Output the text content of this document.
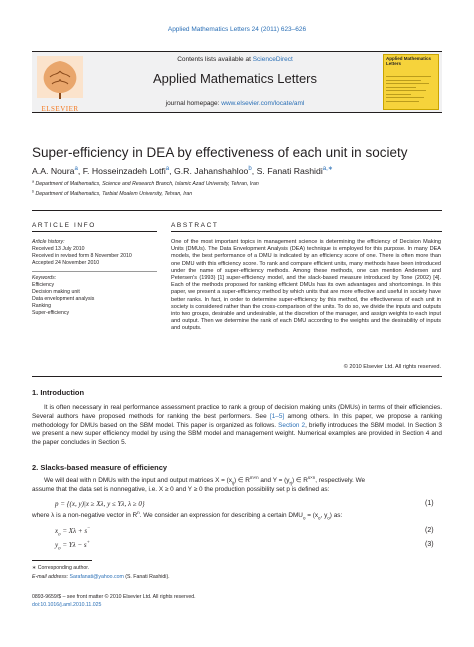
Applied Mathematics Letters 24 (2011) 623–626
ELSEVIER
Contents lists available at ScienceDirect
Applied Mathematics Letters
journal homepage: www.elsevier.com/locate/aml
Applied Mathematics Letters
Super-efficiency in DEA by effectiveness of each unit in society
A.A. Noura$^a$, F. Hosseinzadeh Lotfi$^a$, G.R. Jahanshahloo$^b$, S. Fanati Rashidi$^{a,∗}$
$^a$ Department of Mathematics, Science and Research Branch, Islamic Azad University, Tehran, Iran
$^b$ Department of Mathematics, Tarbiat Moalem University, Tehran, Iran
ARTICLE INFO	ABSTRACT
Article history:
Received 13 July 2010
Received in revised form 8 November 2010
Accepted 24 November 2010
Keywords:
Efficiency
Decision making unit
Data envelopment analysis
Ranking
Super-efficiency
One of the most important topics in management science is determining the efficiency of Decision Making Units (DMUs). The Data Envelopment Analysis (DEA) technique is employed for this purpose. In many DEA models, the best performance of a DMU is indicated by an efficiency score of one. There is often more than one DMU with this efficiency score. To rank and compare efficient units, many methods have been introduced under the name of super-efficiency methods. Among these methods, one can mention Andersen and Petersen's (1993) [1] super-efficiency model, and the slack-based measure introduced by Tone (2002) [4]. Each of the methods proposed for ranking efficient DMUs has its own advantages and shortcomings. In this paper, we present a super-efficiency method by which units that are more effective and useful in society have better ranks. In fact, in order to determine super-efficiency by this method, the effectiveness of each unit in society is considered rather than the cross-comparison of the units. To do so, we divide the inputs and outputs into two groups, desirable and undesirable, at the discretion of the manager, and assign weights to each input and output. Then we determine the rank of each DMU according to the weights and the desirability of inputs and outputs.
© 2010 Elsevier Ltd. All rights reserved.
1. Introduction
It is often necessary in real performance assessment practice to rank a group of decision making units (DMUs) in terms of their efficiencies. Several authors have proposed methods for ranking the best performers. See [1–5] among others. In this paper, we propose a ranking methodology for DMUs based on the SBM model. This paper is organized as follows. Section 2, briefly introduces the SBM model. In Section 3 we present a new super efficiency model by using the SBM model and management weight. Numerical examples are provided in Section 4 and the paper concludes in Section 5.
2. Slacks-based measure of efficiency
We will deal with n DMUs with the input and output matrices $X = (x_{ij})$ ∈ $R^{m\times n}$ and $Y = (y_{rj})$ ∈ $R^{s\times n}$, respectively. We
assume that the data set is nonnegative, i.e. X ≥ 0 and Y ≥ 0 the production possibility set p is defined as:
p = {(x, y)|x ≥ Xλ, y ≤ Yλ, λ ≥ 0}	(1)
where λ is a non-negative vector in $R^n$. We consider an expression for describing a certain $DMU_o = (x_o$, $y_o$) as:
$x_o = X\lambda + s^-$	(2)
$y_o = Y\lambda - s^+$	(3)
∗ Corresponding author.
E-mail address: Sarafanati@yahoo.com (S. Fanati Rashidi).
0893-9659/$ – see front matter © 2010 Elsevier Ltd. All rights reserved.
doi:10.1016/j.aml.2010.11.025
